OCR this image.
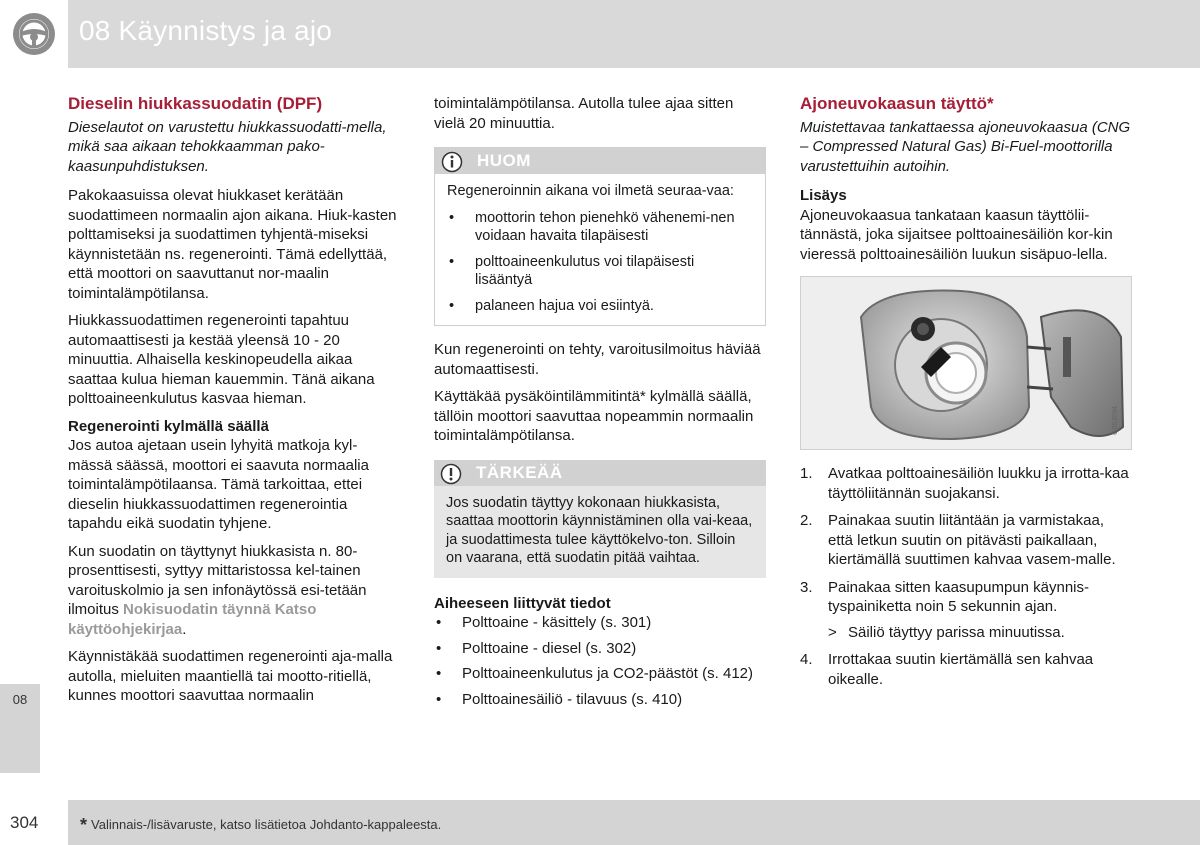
08 Käynnistys ja ajo
08
Dieselin hiukkassuodatin (DPF)
Dieselautot on varustettu hiukkassuodatti-mella, mikä saa aikaan tehokkaamman pako-kaasunpuhdistuksen.
Pakokaasuissa olevat hiukkaset kerätään suodattimeen normaalin ajon aikana. Hiuk-kasten polttamiseksi ja suodattimen tyhjentä-miseksi käynnistetään ns. regenerointi. Tämä edellyttää, että moottori on saavuttanut nor-maalin toimintalämpötilansa.
Hiukkassuodattimen regenerointi tapahtuu automaattisesti ja kestää yleensä 10 - 20 minuuttia. Alhaisella keskinopeudella aikaa saattaa kulua hieman kauemmin. Tänä aikana polttoaineenkulutus kasvaa hieman.
Regenerointi kylmällä säällä
Jos autoa ajetaan usein lyhyitä matkoja kyl-mässä säässä, moottori ei saavuta normaalia toimintalämpötilaansa. Tämä tarkoittaa, ettei dieselin hiukkassuodattimen regenerointia tapahdu eikä suodatin tyhjene.
Kun suodatin on täyttynyt hiukkasista n. 80-prosenttisesti, syttyy mittaristossa kel-tainen varoituskolmio ja sen infonäytössä esi-tetään ilmoitus Nokisuodatin täynnä Katso käyttöohjekirjaa.
Käynnistäkää suodattimen regenerointi aja-malla autolla, mieluiten maantiellä tai mootto-ritiellä, kunnes moottori saavuttaa normaalin
toimintalämpötilansa. Autolla tulee ajaa sitten vielä 20 minuuttia.
HUOM
Regeneroinnin aikana voi ilmetä seuraa-vaa:
• moottorin tehon pienehkö vähenemi-nen voidaan havaita tilapäisesti
• polttoaineenkulutus voi tilapäisesti lisääntyä
• palaneen hajua voi esiintyä.
Kun regenerointi on tehty, varoitusilmoitus häviää automaattisesti.
Käyttäkää pysäköintilämmitintä* kylmällä säällä, tällöin moottori saavuttaa nopeammin normaalin toimintalämpötilansa.
TÄRKEÄÄ
Jos suodatin täyttyy kokonaan hiukkasista, saattaa moottorin käynnistäminen olla vai-keaa, ja suodattimesta tulee käyttökelvo-ton. Silloin on vaarana, että suodatin pitää vaihtaa.
Aiheeseen liittyvät tiedot
• Polttoaine - käsittely (s. 301)
• Polttoaine - diesel (s. 302)
• Polttoaineenkulutus ja CO2-päästöt (s. 412)
• Polttoainesäiliö - tilavuus (s. 410)
Ajoneuvokaasun täyttö*
Muistettavaa tankattaessa ajoneuvokaasua (CNG – Compressed Natural Gas) Bi-Fuel-moottorilla varustettuihin autoihin.
Lisäys
Ajoneuvokaasua tankataan kaasun täyttölii-tännästä, joka sijaitsee polttoainesäiliön kor-kin vieressä polttoainesäiliön luukun sisäpuo-lella.
G053894
1. Avatkaa polttoainesäiliön luukku ja irrotta-kaa täyttöliitännän suojakansi.
2. Painakaa suutin liitäntään ja varmistakaa, että letkun suutin on pitävästi paikallaan, kiertämällä suuttimen kahvaa vasem-malle.
3. Painakaa sitten kaasupumpun käynnis-tyspainiketta noin 5 sekunnin ajan.
> Säiliö täyttyy parissa minuutissa.
4. Irrottakaa suutin kiertämällä sen kahvaa oikealle.
304 * Valinnais-/lisävaruste, katso lisätietoa Johdanto-kappaleesta.
